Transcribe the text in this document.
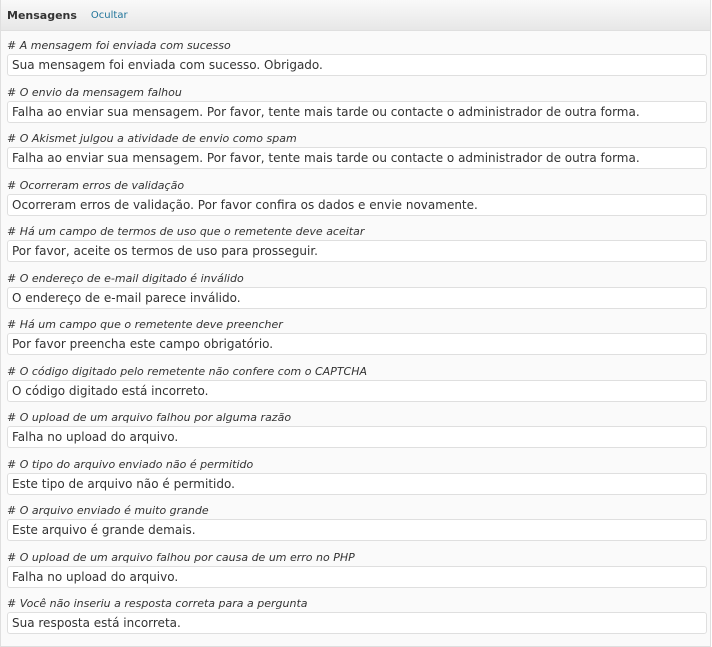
Mensagens Ocultar
# A mensagem foi enviada com sucesso
Sua mensagem foi enviada com sucesso. Obrigado.
# O envio da mensagem falhou
Falha ao enviar sua mensagem. Por favor, tente mais tarde ou contacte o administrador de outra forma.
# O Akismet julgou a atividade de envio como spam
Falha ao enviar sua mensagem. Por favor, tente mais tarde ou contacte o administrador de outra forma.
# Ocorreram erros de validação
Ocorreram erros de validação. Por favor confira os dados e envie novamente.
# Há um campo de termos de uso que o remetente deve aceitar
Por favor, aceite os termos de uso para prosseguir.
# O endereço de e-mail digitado é inválido
O endereço de e-mail parece inválido.
# Há um campo que o remetente deve preencher
Por favor preencha este campo obrigatório.
# O código digitado pelo remetente não confere com o CAPTCHA
O código digitado está incorreto.
# O upload de um arquivo falhou por alguma razão
Falha no upload do arquivo.
# O tipo do arquivo enviado não é permitido
Este tipo de arquivo não é permitido.
# O arquivo enviado é muito grande
Este arquivo é grande demais.
# O upload de um arquivo falhou por causa de um erro no PHP
Falha no upload do arquivo.
# Você não inseriu a resposta correta para a pergunta
Sua resposta está incorreta.
